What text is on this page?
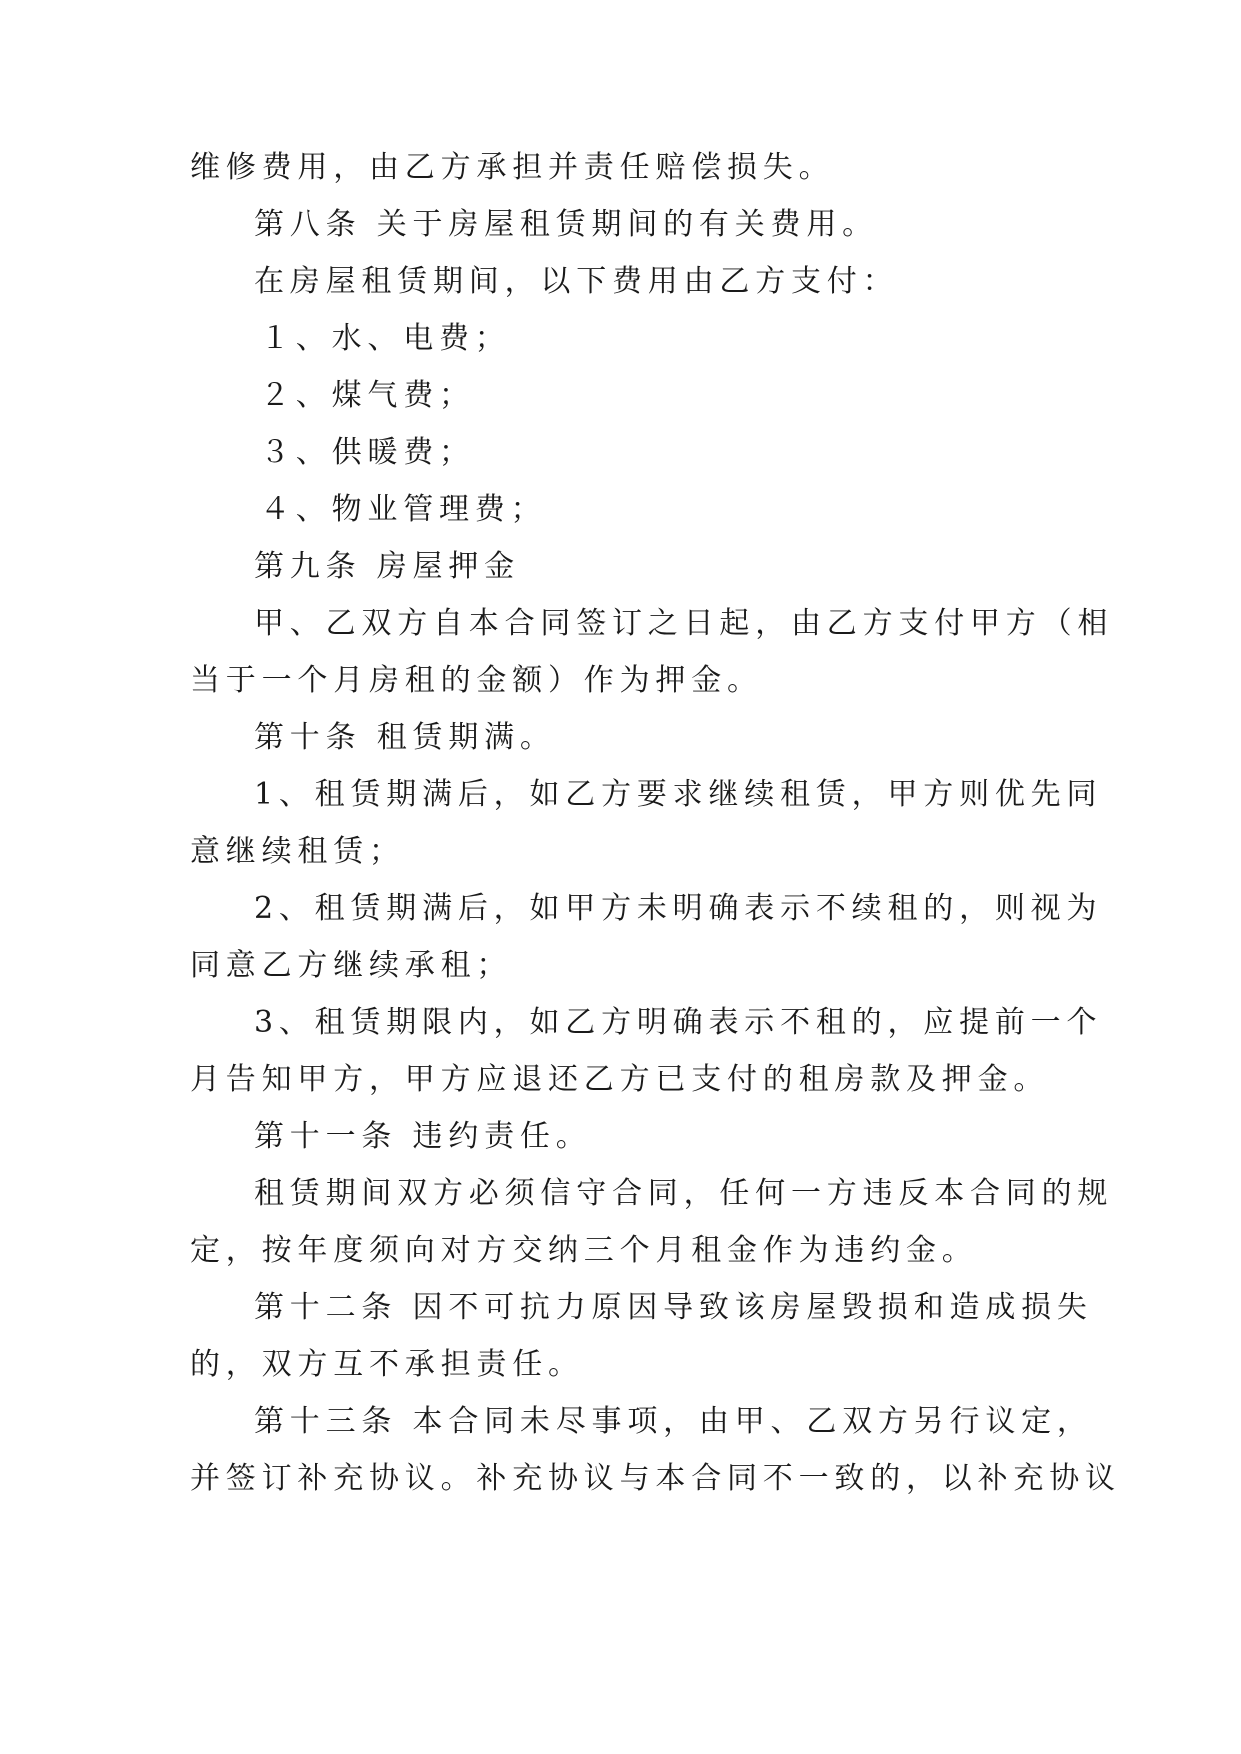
维修费用，由乙方承担并责任赔偿损失。

第八条 关于房屋租赁期间的有关费用。

在房屋租赁期间，以下费用由乙方支付：

１、水、电费；

２、煤气费；

３、供暖费；

４、物业管理费；

第九条 房屋押金

甲、乙双方自本合同签订之日起，由乙方支付甲方（相

当于一个月房租的金额）作为押金。

第十条 租赁期满。

1、租赁期满后，如乙方要求继续租赁，甲方则优先同

意继续租赁；

2、租赁期满后，如甲方未明确表示不续租的，则视为

同意乙方继续承租；

3、租赁期限内，如乙方明确表示不租的，应提前一个

月告知甲方，甲方应退还乙方已支付的租房款及押金。

第十一条 违约责任。

租赁期间双方必须信守合同，任何一方违反本合同的规

定，按年度须向对方交纳三个月租金作为违约金。

第十二条 因不可抗力原因导致该房屋毁损和造成损失

的，双方互不承担责任。

第十三条 本合同未尽事项，由甲、乙双方另行议定，

并签订补充协议。补充协议与本合同不一致的，以补充协议
